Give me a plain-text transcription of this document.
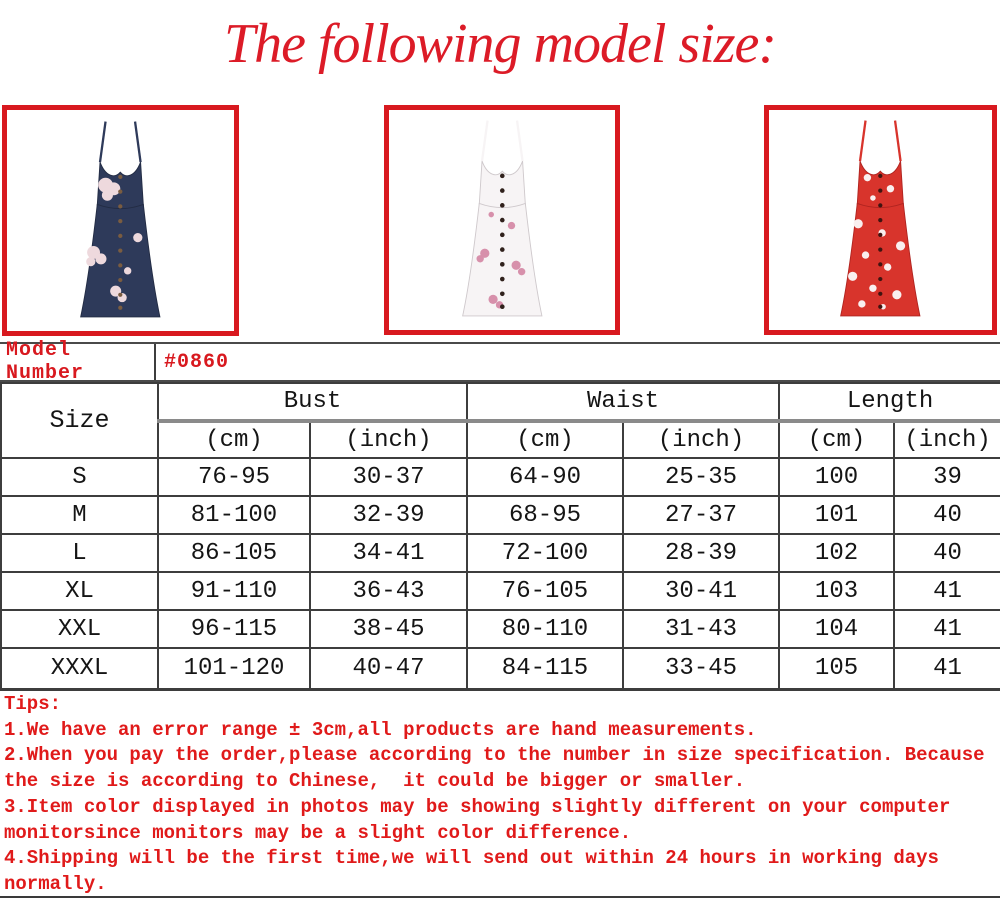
The following model size:
Model Number	#0860
Size	Bust		Waist		Length	
	(cm)	(inch)	(cm)	(inch)	(cm)	(inch)
S	76-95	30-37	64-90	25-35	100	39
M	81-100	32-39	68-95	27-37	101	40
L	86-105	34-41	72-100	28-39	102	40
XL	91-110	36-43	76-105	30-41	103	41
XXL	96-115	38-45	80-110	31-43	104	41
XXXL	101-120	40-47	84-115	33-45	105	41
Tips:
1.We have an error range ± 3cm,all products are hand measurements.
2.When you pay the order,please according to the number in size specification. Because
the size is according to Chinese,  it could be bigger or smaller.
3.Item color displayed in photos may be showing slightly different on your computer
monitorsince monitors may be a slight color difference.
4.Shipping will be the first time,we will send out within 24 hours in working days
normally.
